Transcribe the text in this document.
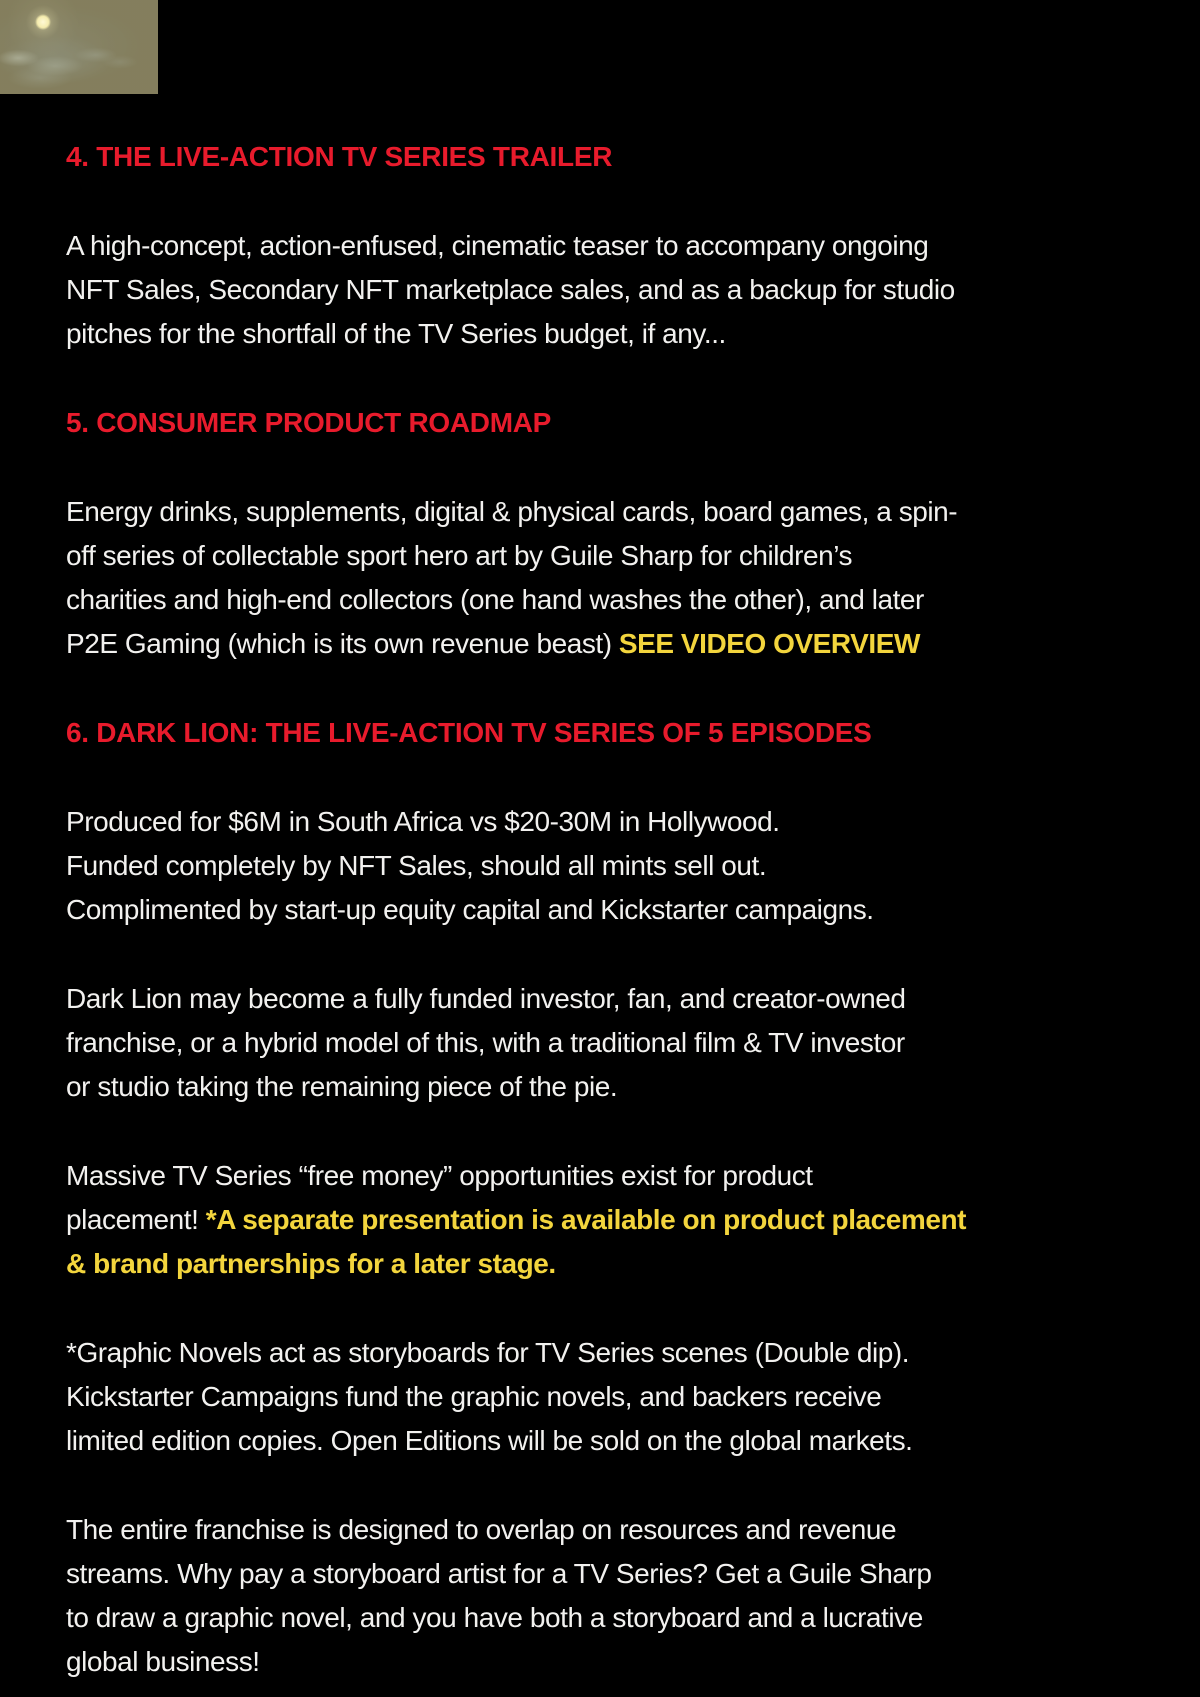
4. THE LIVE-ACTION TV SERIES TRAILER

A high-concept, action-enfused, cinematic teaser to accompany ongoing
NFT Sales, Secondary NFT marketplace sales, and as a backup for studio
pitches for the shortfall of the TV Series budget, if any...

5. CONSUMER PRODUCT ROADMAP

Energy drinks, supplements, digital & physical cards, board games, a spin-
off series of collectable sport hero art by Guile Sharp for children’s
charities and high-end collectors (one hand washes the other), and later
P2E Gaming (which is its own revenue beast) SEE VIDEO OVERVIEW

6. DARK LION: THE LIVE-ACTION TV SERIES OF 5 EPISODES

Produced for $6M in South Africa vs $20-30M in Hollywood.
Funded completely by NFT Sales, should all mints sell out.
Complimented by start-up equity capital and Kickstarter campaigns.

Dark Lion may become a fully funded investor, fan, and creator-owned
franchise, or a hybrid model of this, with a traditional film & TV investor
or studio taking the remaining piece of the pie.

Massive TV Series “free money” opportunities exist for product
placement! *A separate presentation is available on product placement
& brand partnerships for a later stage.

*Graphic Novels act as storyboards for TV Series scenes (Double dip).
Kickstarter Campaigns fund the graphic novels, and backers receive
limited edition copies. Open Editions will be sold on the global markets.

The entire franchise is designed to overlap on resources and revenue
streams. Why pay a storyboard artist for a TV Series? Get a Guile Sharp
to draw a graphic novel, and you have both a storyboard and a lucrative
global business!
